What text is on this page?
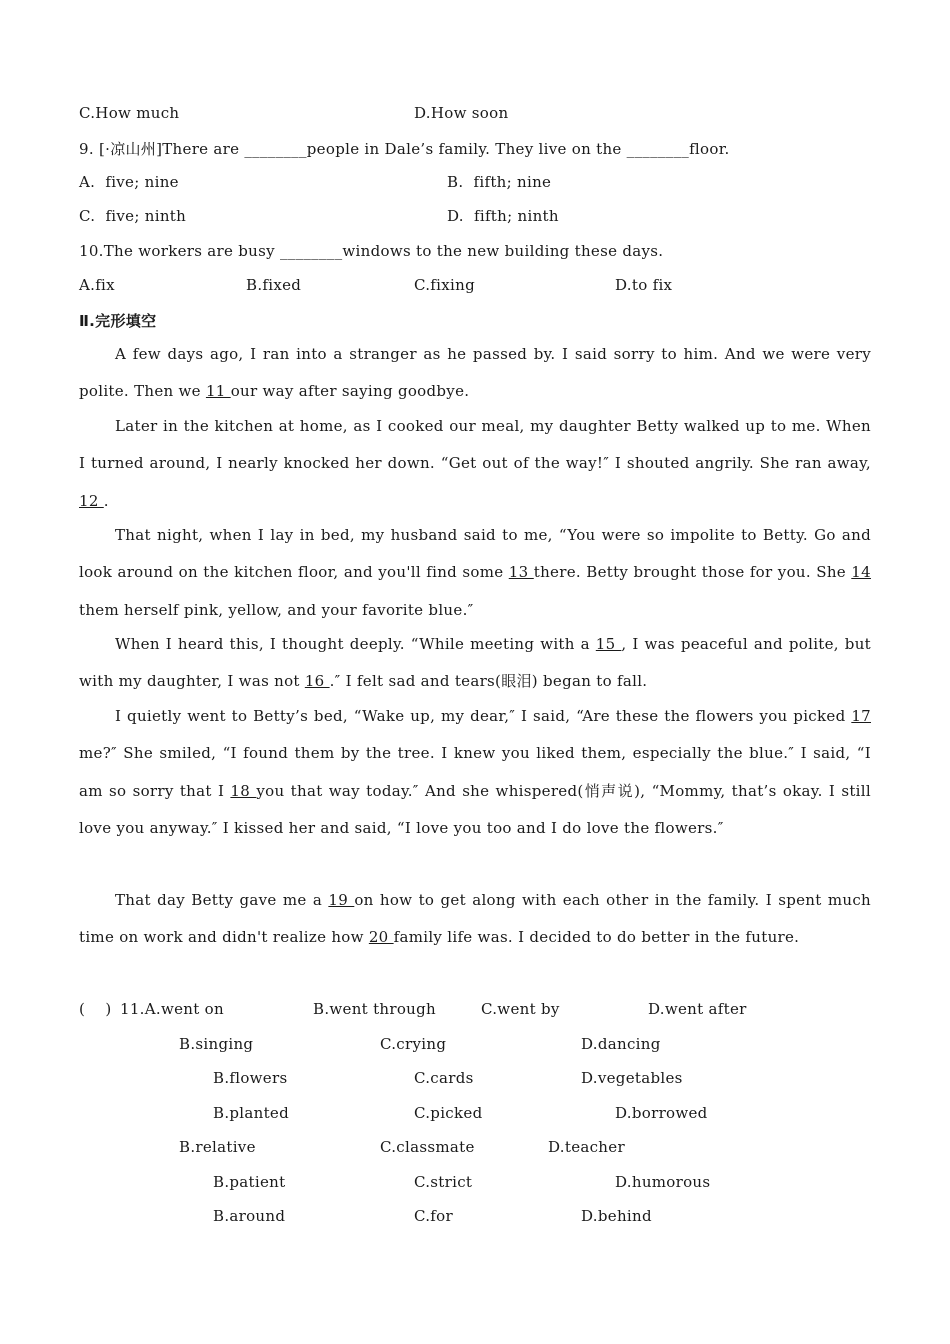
C.How much	D.How soon
9. [·凉山州]There are ________people in Dale’s family. They live on the ________floor.
A.  five; nine	B.  fifth; nine
C.  five; ninth	D.  fifth; ninth
10.The workers are busy ________windows to the new building these days.
A.fix	B.fixed	C.fixing	D.to fix
Ⅱ.完形填空
A few days ago, I ran into a stranger as he passed by. I said sorry to him. And we were very polite. Then we 11 our way after saying goodbye.
Later in the kitchen at home, as I cooked our meal, my daughter Betty walked up to me. When I turned around, I nearly knocked her down. “Get out of the way!″ I shouted angrily. She ran away, 12 .
That night, when I lay in bed, my husband said to me, “You were so impolite to Betty. Go and look around on the kitchen floor, and you'll find some 13 there. Betty brought those for you. She 14 them herself pink, yellow, and your favorite blue.″
When I heard this, I thought deeply. “While meeting with a 15 , I was peaceful and polite, but with my daughter, I was not 16 .″ I felt sad and tears(眼泪) began to fall.
I quietly went to Betty’s bed, “Wake up, my dear,″ I said, “Are these the flowers you picked 17 me?″ She smiled, “I found them by the tree. I knew you liked them, especially the blue.″ I said, “I am so sorry that I 18 you that way today.″ And she whispered(悄声说), “Mommy, that’s okay. I still love you anyway.″ I kissed her and said, “I love you too and I do love the flowers.″
That day Betty gave me a 19 on how to get along with each other in the family. I spent much time on work and didn't realize how 20 family life was. I decided to do better in the future.
(    ) 11.A.went on	B.went through	C.went by	D.went after
B.singing	C.crying	D.dancing
B.flowers	C.cards	D.vegetables
B.planted	C.picked	D.borrowed
B.relative	C.classmate	D.teacher
B.patient	C.strict	D.humorous
B.around	C.for	D.behind
